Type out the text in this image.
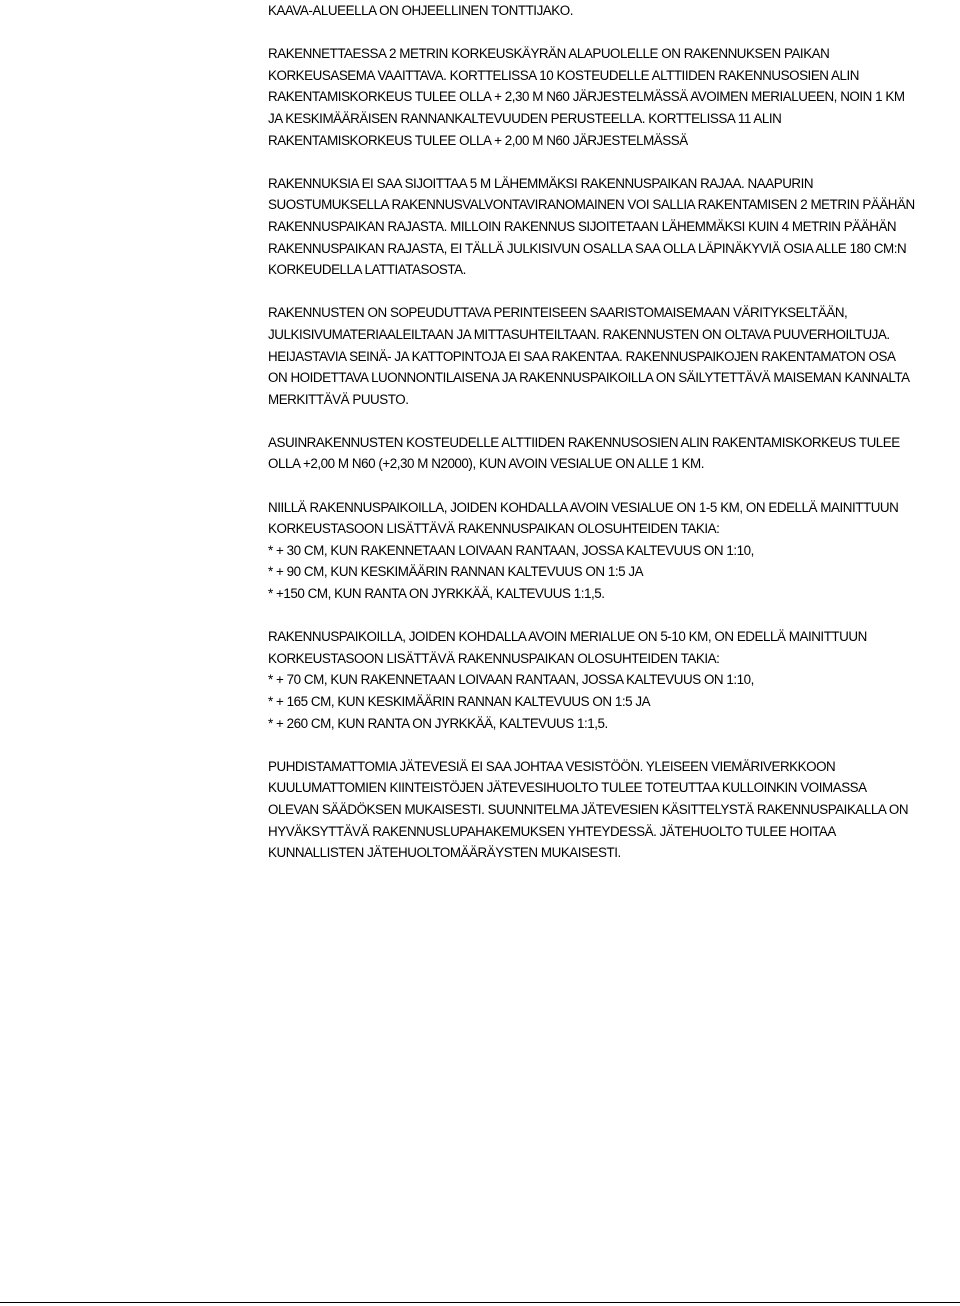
KAAVA-ALUEELLA ON OHJEELLINEN TONTTIJAKO.
RAKENNETTAESSA 2 METRIN KORKEUSKÄYRÄN ALAPUOLELLE ON RAKENNUKSEN PAIKAN
KORKEUSASEMA VAAITTAVA. KORTTELISSA 10 KOSTEUDELLE ALTTIIDEN RAKENNUSOSIEN ALIN
RAKENTAMISKORKEUS TULEE OLLA + 2,30 M N60 JÄRJESTELMÄSSÄ AVOIMEN MERIALUEEN, NOIN 1 KM
JA KESKIMÄÄRÄISEN RANNANKALTEVUUDEN PERUSTEELLA. KORTTELISSA 11 ALIN
RAKENTAMISKORKEUS TULEE OLLA + 2,00 M N60 JÄRJESTELMÄSSÄ
RAKENNUKSIA EI SAA SIJOITTAA 5 M LÄHEMMÄKSI RAKENNUSPAIKAN RAJAA. NAAPURIN
SUOSTUMUKSELLA RAKENNUSVALVONTAVIRANOMAINEN VOI SALLIA RAKENTAMISEN 2 METRIN PÄÄHÄN
RAKENNUSPAIKAN RAJASTA. MILLOIN RAKENNUS SIJOITETAAN LÄHEMMÄKSI KUIN 4 METRIN PÄÄHÄN
RAKENNUSPAIKAN RAJASTA, EI TÄLLÄ JULKISIVUN OSALLA SAA OLLA LÄPINÄKYVIÄ OSIA ALLE 180 CM:N
KORKEUDELLA LATTIATASOSTA.
RAKENNUSTEN ON SOPEUDUTTAVA PERINTEISEEN SAARISTOMAISEMAAN VÄRITYKSELTÄÄN,
JULKISIVUMATERIAALEILTAAN JA MITTASUHTEILTAAN. RAKENNUSTEN ON OLTAVA PUUVERHOILTUJA.
HEIJASTAVIA SEINÄ- JA KATTOPINTOJA EI SAA RAKENTAA. RAKENNUSPAIKOJEN RAKENTAMATON OSA
ON HOIDETTAVA LUONNONTILAISENA JA RAKENNUSPAIKOILLA ON SÄILYTETTÄVÄ MAISEMAN KANNALTA
MERKITTÄVÄ PUUSTO.
ASUINRAKENNUSTEN KOSTEUDELLE ALTTIIDEN RAKENNUSOSIEN ALIN RAKENTAMISKORKEUS TULEE
OLLA +2,00 M N60 (+2,30 M N2000), KUN AVOIN VESIALUE ON ALLE 1 KM.
NIILLÄ RAKENNUSPAIKOILLA, JOIDEN KOHDALLA AVOIN VESIALUE ON 1-5 KM, ON EDELLÄ MAINITTUUN
KORKEUSTASOON LISÄTTÄVÄ RAKENNUSPAIKAN OLOSUHTEIDEN TAKIA:
* + 30 CM, KUN RAKENNETAAN LOIVAAN RANTAAN, JOSSA KALTEVUUS ON 1:10,
* + 90 CM, KUN KESKIMÄÄRIN RANNAN KALTEVUUS ON 1:5 JA
* +150 CM, KUN RANTA ON JYRKKÄÄ, KALTEVUUS 1:1,5.
RAKENNUSPAIKOILLA, JOIDEN KOHDALLA AVOIN MERIALUE ON 5-10 KM, ON EDELLÄ MAINITTUUN
KORKEUSTASOON LISÄTTÄVÄ RAKENNUSPAIKAN OLOSUHTEIDEN TAKIA:
* + 70 CM, KUN RAKENNETAAN LOIVAAN RANTAAN, JOSSA KALTEVUUS ON 1:10,
* + 165 CM, KUN KESKIMÄÄRIN RANNAN KALTEVUUS ON 1:5 JA
* + 260 CM, KUN RANTA ON JYRKKÄÄ, KALTEVUUS 1:1,5.
PUHDISTAMATTOMIA JÄTEVESIÄ EI SAA JOHTAA VESISTÖÖN. YLEISEEN VIEMÄRIVERKKOON
KUULUMATTOMIEN KIINTEISTÖJEN JÄTEVESIHUOLTO TULEE TOTEUTTAA KULLOINKIN VOIMASSA
OLEVAN SÄÄDÖKSEN MUKAISESTI. SUUNNITELMA JÄTEVESIEN KÄSITTELYSTÄ RAKENNUSPAIKALLA ON
HYVÄKSYTTÄVÄ RAKENNUSLUPAHAKEMUKSEN YHTEYDESSÄ. JÄTEHUOLTO TULEE HOITAA
KUNNALLISTEN JÄTEHUOLTOMÄÄRÄYSTEN MUKAISESTI.
